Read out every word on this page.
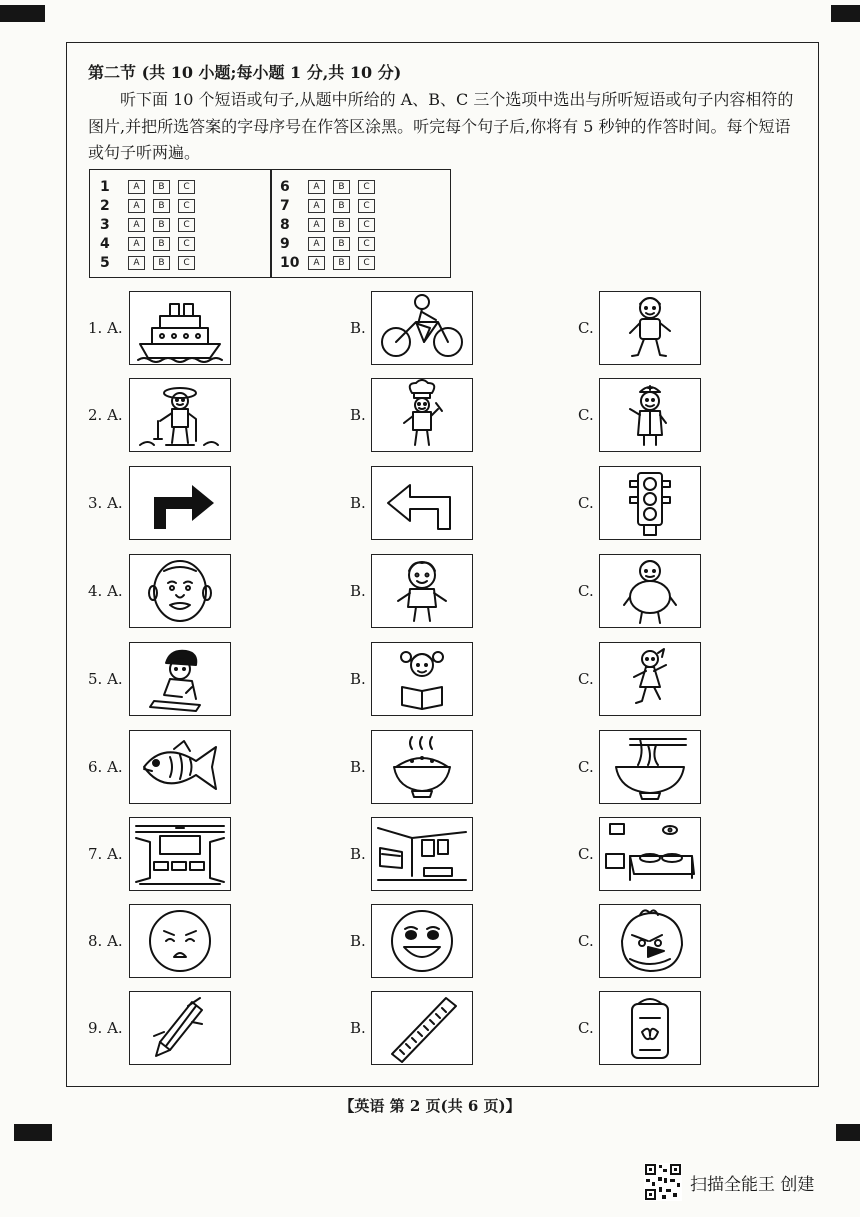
第二节 (共 10 小题;每小题 1 分,共 10 分)
听下面 10 个短语或句子,从题中所给的 A、B、C 三个选项中选出与所听短语或句子内容相符的图片,并把所选答案的字母序号在作答区涂黑。听完每个句子后,你将有 5 秒钟的作答时间。每个短语或句子听两遍。
1	A	B	C
2	A	B	C
3	A	B	C
4	A	B	C
5	A	B	C
6	A	B	C
7	A	B	C
8	A	B	C
9	A	B	C
10	A	B	C
1. A.	B.	C.
2. A.	B.	C.
3. A.	B.	C.
4. A.	B.	C.
5. A.	B.	C.
6. A.	B.	C.
7. A.	B.	C.
8. A.	B.	C.
9. A.	B.	C.
【英语 第 2 页(共 6 页)】
扫描全能王 创建
